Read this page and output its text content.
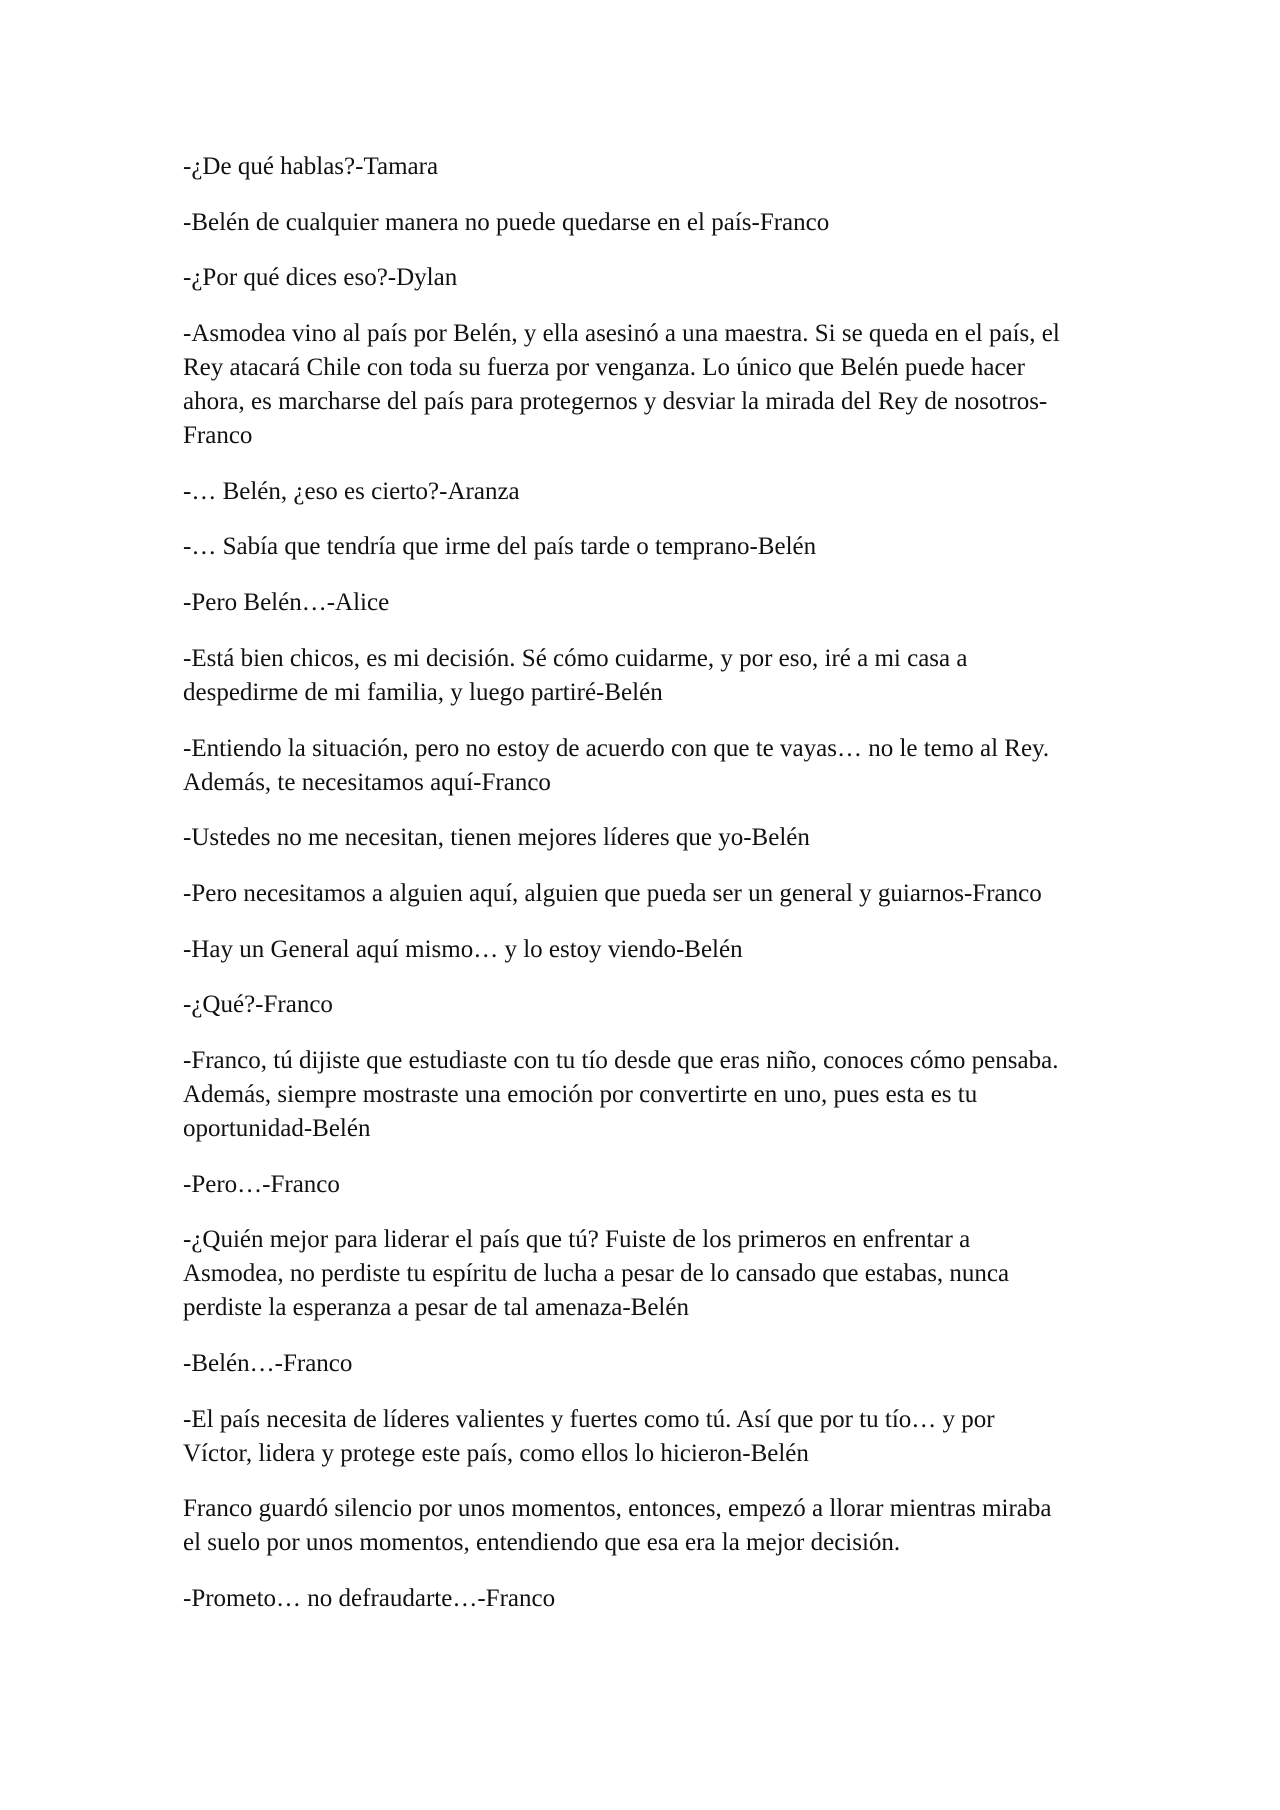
-¿De qué hablas?-Tamara

-Belén de cualquier manera no puede quedarse en el país-Franco

-¿Por qué dices eso?-Dylan

-Asmodea vino al país por Belén, y ella asesinó a una maestra. Si se queda en el país, el
Rey atacará Chile con toda su fuerza por venganza. Lo único que Belén puede hacer
ahora, es marcharse del país para protegernos y desviar la mirada del Rey de nosotros-
Franco

-… Belén, ¿eso es cierto?-Aranza

-… Sabía que tendría que irme del país tarde o temprano-Belén

-Pero Belén…-Alice

-Está bien chicos, es mi decisión. Sé cómo cuidarme, y por eso, iré a mi casa a
despedirme de mi familia, y luego partiré-Belén

-Entiendo la situación, pero no estoy de acuerdo con que te vayas… no le temo al Rey.
Además, te necesitamos aquí-Franco

-Ustedes no me necesitan, tienen mejores líderes que yo-Belén

-Pero necesitamos a alguien aquí, alguien que pueda ser un general y guiarnos-Franco

-Hay un General aquí mismo… y lo estoy viendo-Belén

-¿Qué?-Franco

-Franco, tú dijiste que estudiaste con tu tío desde que eras niño, conoces cómo pensaba.
Además, siempre mostraste una emoción por convertirte en uno, pues esta es tu
oportunidad-Belén

-Pero…-Franco

-¿Quién mejor para liderar el país que tú? Fuiste de los primeros en enfrentar a
Asmodea, no perdiste tu espíritu de lucha a pesar de lo cansado que estabas, nunca
perdiste la esperanza a pesar de tal amenaza-Belén

-Belén…-Franco

-El país necesita de líderes valientes y fuertes como tú. Así que por tu tío… y por
Víctor, lidera y protege este país, como ellos lo hicieron-Belén

Franco guardó silencio por unos momentos, entonces, empezó a llorar mientras miraba
el suelo por unos momentos, entendiendo que esa era la mejor decisión.

-Prometo… no defraudarte…-Franco
